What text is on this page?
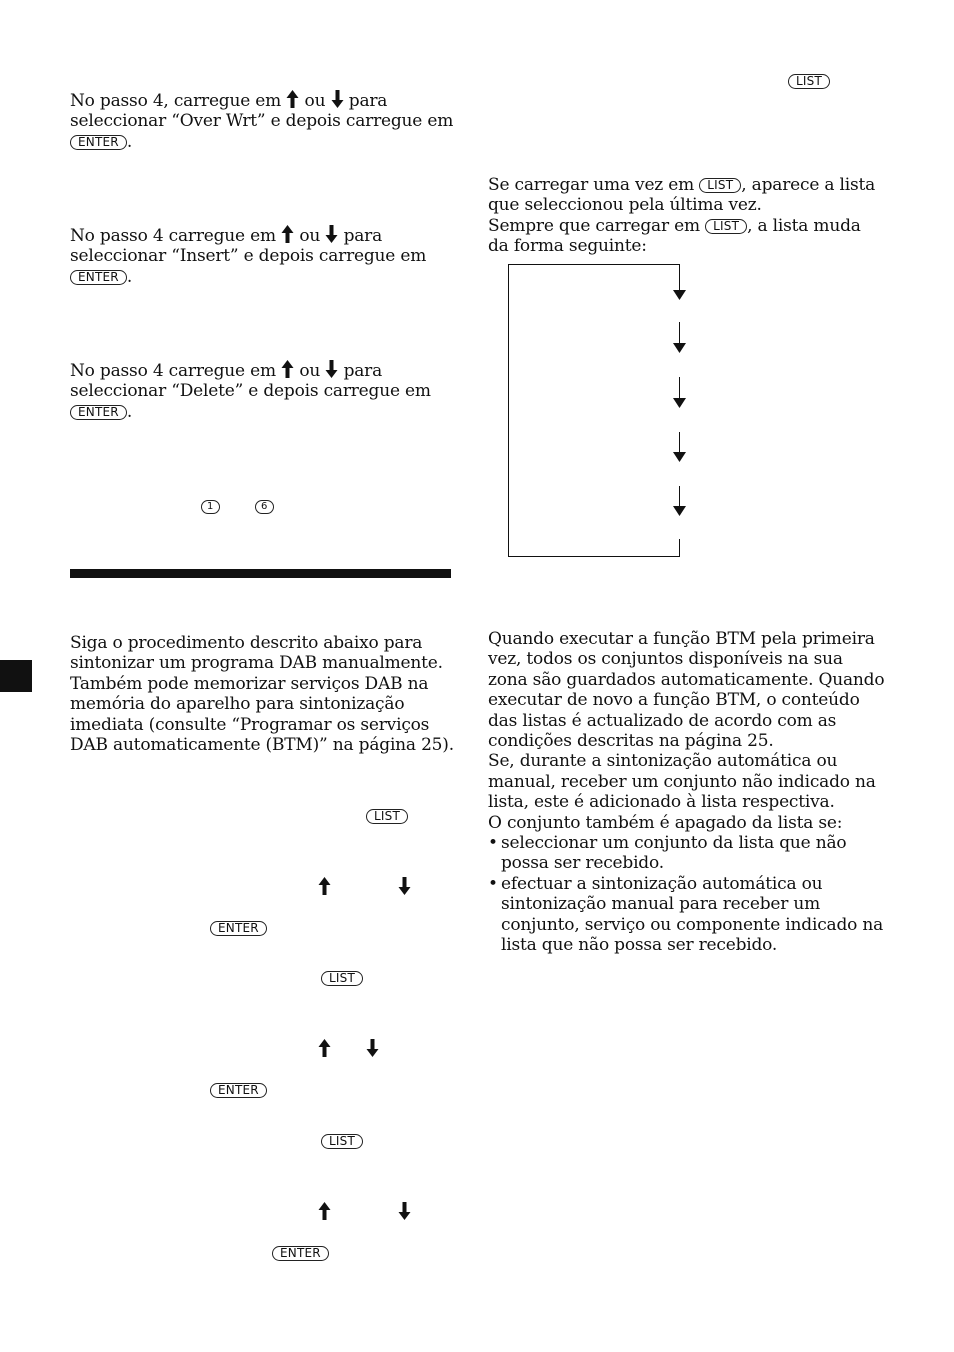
LIST
No passo 4, carregue em ou para
seleccionar “Over Wrt” e depois carregue em
ENTER .
No passo 4 carregue em ou para
seleccionar “Insert” e depois carregue em
ENTER .
No passo 4 carregue em ou para
seleccionar “Delete” e depois carregue em
ENTER .
1	6
Siga o procedimento descrito abaixo para
sintonizar um programa DAB manualmente.
Também pode memorizar serviços DAB na
memória do aparelho para sintonização
imediata (consulte “Programar os serviços
DAB automaticamente (BTM)” na página 25).
LIST
ENTER
LIST
ENTER
LIST
ENTER
Se carregar uma vez em LIST , aparece a lista
que seleccionou pela última vez.
Sempre que carregar em LIST , a lista muda
da forma seguinte:
Quando executar a função BTM pela primeira
vez, todos os conjuntos disponíveis na sua
zona são guardados automaticamente. Quando
executar de novo a função BTM, o conteúdo
das listas é actualizado de acordo com as
condições descritas na página 25.
Se, durante a sintonização automática ou
manual, receber um conjunto não indicado na
lista, este é adicionado à lista respectiva.
O conjunto também é apagado da lista se:
• seleccionar um conjunto da lista que não
possa ser recebido.
• efectuar a sintonização automática ou
sintonização manual para receber um
conjunto, serviço ou componente indicado na
lista que não possa ser recebido.
